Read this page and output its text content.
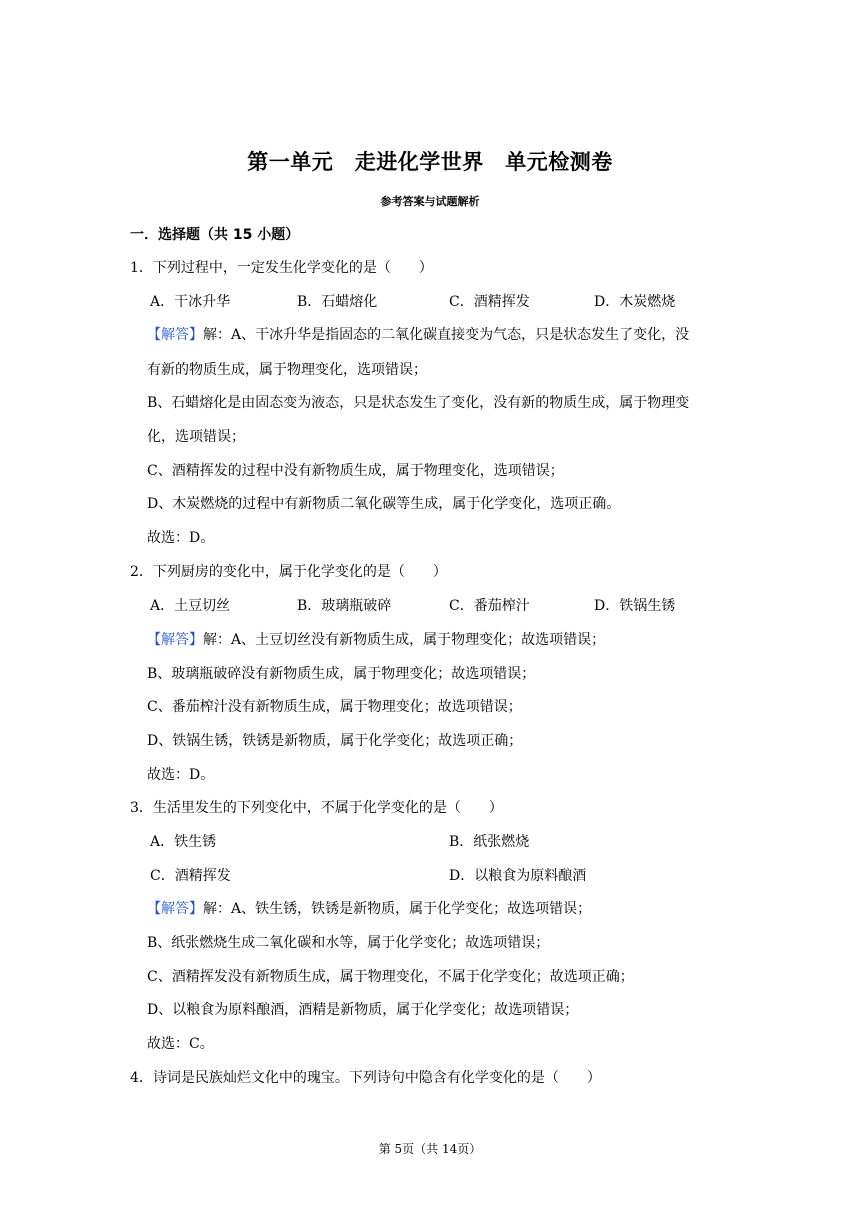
第一单元　走进化学世界　单元检测卷
参考答案与试题解析
一．选择题（共 15 小题）
1．下列过程中，一定发生化学变化的是（　　）
A．干冰升华	B．石蜡熔化	C．酒精挥发	D．木炭燃烧
【解答】解：A、干冰升华是指固态的二氧化碳直接变为气态，只是状态发生了变化，没
有新的物质生成，属于物理变化，选项错误；
B、石蜡熔化是由固态变为液态，只是状态发生了变化，没有新的物质生成，属于物理变
化，选项错误；
C、酒精挥发的过程中没有新物质生成，属于物理变化，选项错误；
D、木炭燃烧的过程中有新物质二氧化碳等生成，属于化学变化，选项正确。
故选：D。
2．下列厨房的变化中，属于化学变化的是（　　）
A．土豆切丝	B．玻璃瓶破碎	C．番茄榨汁	D．铁锅生锈
【解答】解：A、土豆切丝没有新物质生成，属于物理变化；故选项错误；
B、玻璃瓶破碎没有新物质生成，属于物理变化；故选项错误；
C、番茄榨汁没有新物质生成，属于物理变化；故选项错误；
D、铁锅生锈，铁锈是新物质，属于化学变化；故选项正确；
故选：D。
3．生活里发生的下列变化中，不属于化学变化的是（　　）
A．铁生锈	B．纸张燃烧
C．酒精挥发	D．以粮食为原料酿酒
【解答】解：A、铁生锈，铁锈是新物质，属于化学变化；故选项错误；
B、纸张燃烧生成二氧化碳和水等，属于化学变化；故选项错误；
C、酒精挥发没有新物质生成，属于物理变化，不属于化学变化；故选项正确；
D、以粮食为原料酿酒，酒精是新物质，属于化学变化；故选项错误；
故选：C。
4．诗词是民族灿烂文化中的瑰宝。下列诗句中隐含有化学变化的是（　　）
第 5页（共 14页）
